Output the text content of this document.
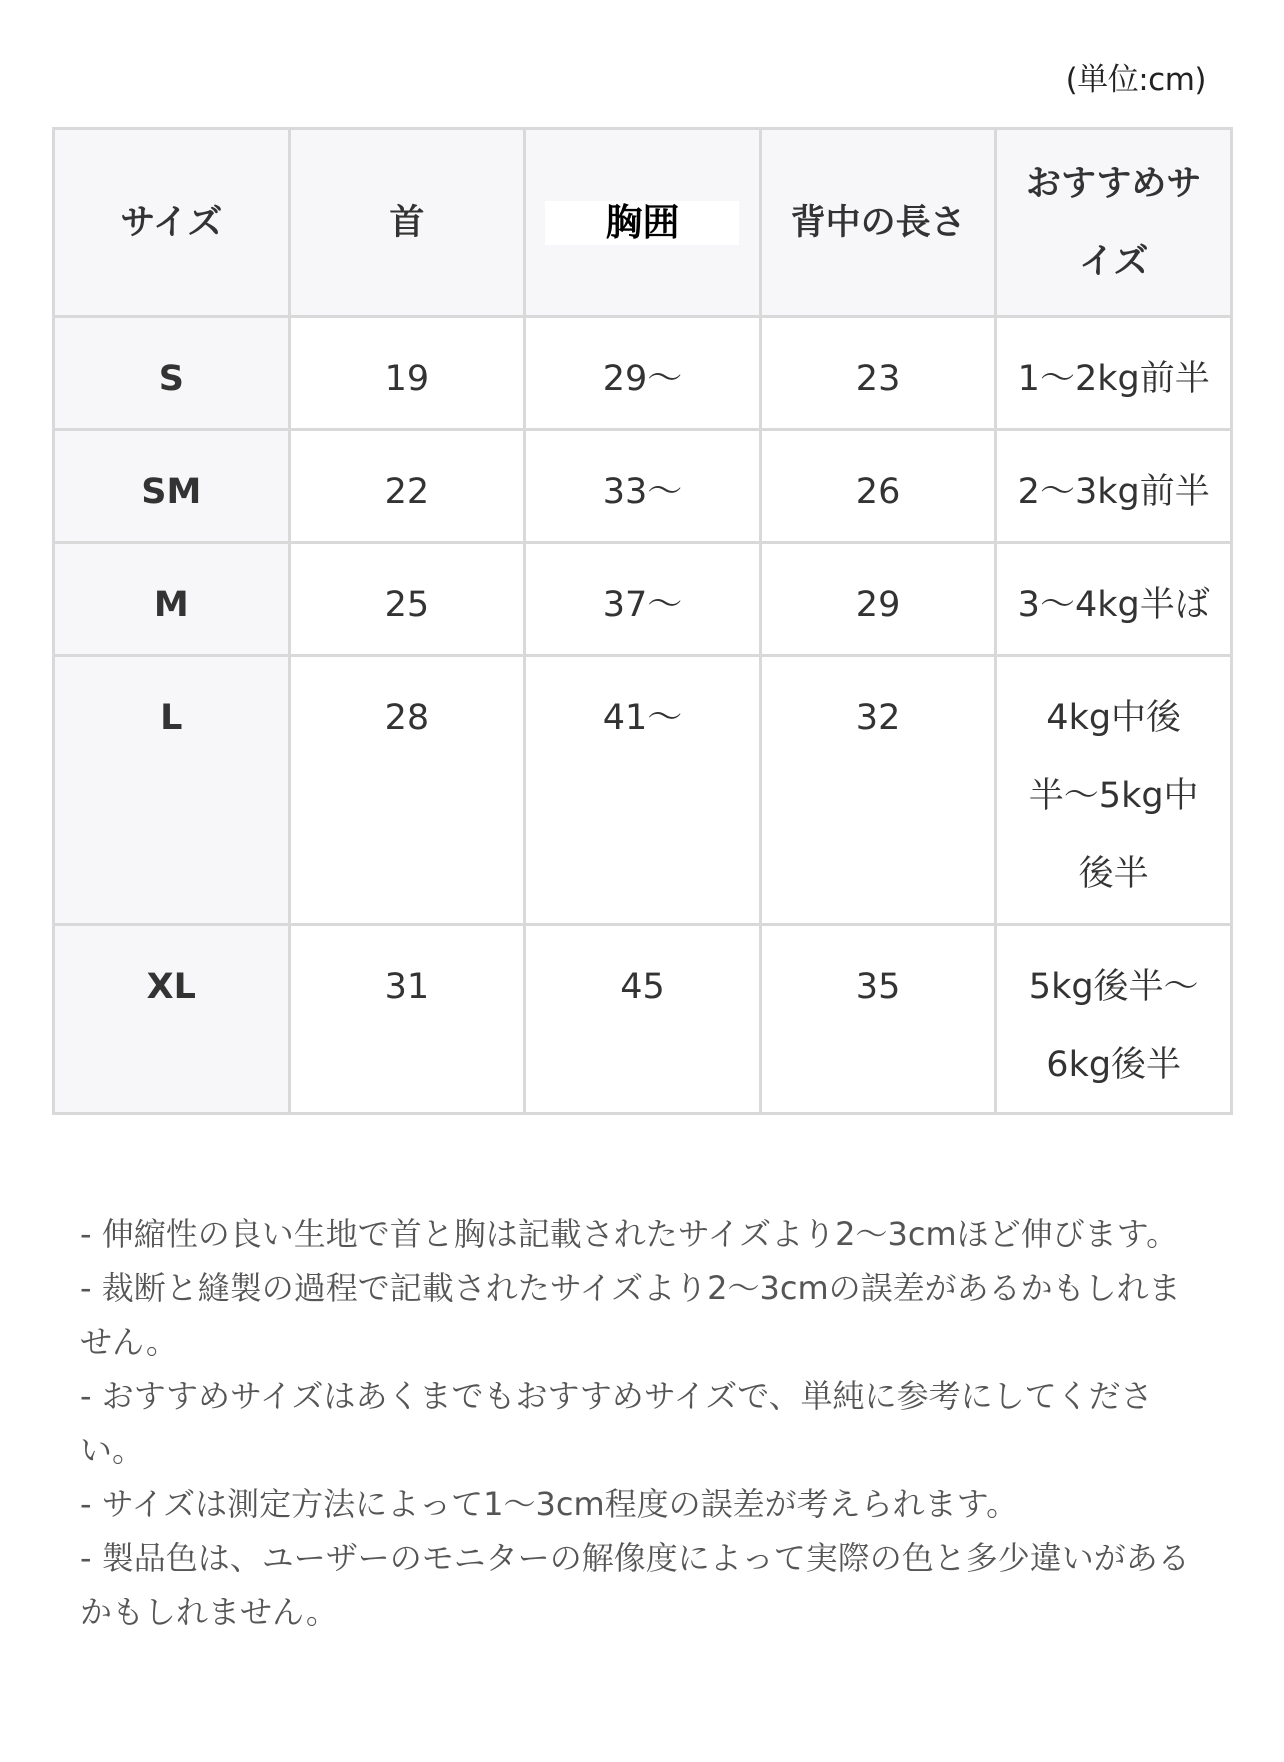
(単位:cm)
サイズ	首	胸囲	背中の長さ	おすすめサイズ

S	19	29〜	23	1〜2kg前半

SM	22	33〜	26	2〜3kg前半

M	25	37〜	29	3〜4kg半ば

L	28	41〜	32	4kg中後半〜5kg中後半

XL	31	45	35	5kg後半〜6kg後半

- 伸縮性の良い生地で首と胸は記載されたサイズより2〜3cmほど伸びます。

- 裁断と縫製の過程で記載されたサイズより2〜3cmの誤差があるかもしれません。

- おすすめサイズはあくまでもおすすめサイズで、単純に参考にしてください。

- サイズは測定方法によって1〜3cm程度の誤差が考えられます。

- 製品色は、ユーザーのモニターの解像度によって実際の色と多少違いがあるかもしれません。
